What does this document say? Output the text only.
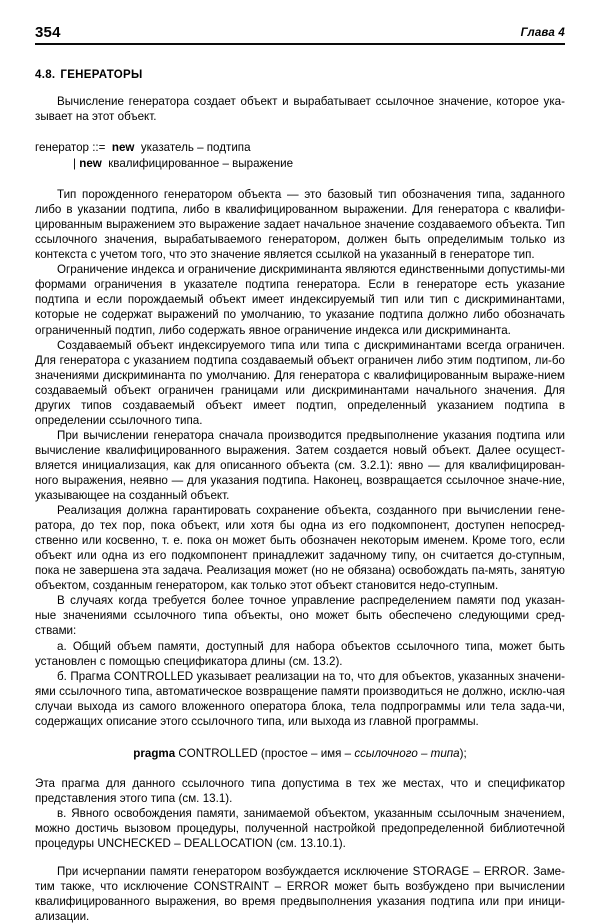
354	Глава 4
4.8. ГЕНЕРАТОРЫ

Вычисление генератора создает объект и вырабатывает ссылочное значение, которое ука-зывает на этот объект.

генератор ::=  new  указатель – подтипа
| new  квалифицированное – выражение

Тип порожденного генератором объекта — это базовый тип обозначения типа, заданного либо в указании подтипа, либо в квалифицированном выражении. Для генератора с квалифи-цированным выражением это выражение задает начальное значение создаваемого объекта. Тип ссылочного значения, вырабатываемого генератором, должен быть определимым только из контекста с учетом того, что это значение является ссылкой на указанный в генераторе тип.

Ограничение индекса и ограничение дискриминанта являются единственными допустимы-ми формами ограничения в указателе подтипа генератора. Если в генераторе есть указание подтипа и если порождаемый объект имеет индексируемый тип или тип с дискриминантами, которые не содержат выражений по умолчанию, то указание подтипа должно либо обозначать ограниченный подтип, либо содержать явное ограничение индекса или дискриминанта.

Создаваемый объект индексируемого типа или типа с дискриминантами всегда ограничен. Для генератора с указанием подтипа создаваемый объект ограничен либо этим подтипом, ли-бо значениями дискриминанта по умолчанию. Для генератора с квалифицированным выраже-нием создаваемый объект ограничен границами или дискриминантами начального значения. Для других типов создаваемый объект имеет подтип, определенный указанием подтипа в определении ссылочного типа.

При вычислении генератора сначала производится предвыполнение указания подтипа или вычисление квалифицированного выражения. Затем создается новый объект. Далее осущест-вляется инициализация, как для описанного объекта (см. 3.2.1): явно — для квалифицирован-ного выражения, неявно — для указания подтипа. Наконец, возвращается ссылочное значе-ние, указывающее на созданный объект.

Реализация должна гарантировать сохранение объекта, созданного при вычислении гене-ратора, до тех пор, пока объект, или хотя бы одна из его подкомпонент, доступен непосред-ственно или косвенно, т. е. пока он может быть обозначен некоторым именем. Кроме того, если объект или одна из его подкомпонент принадлежит задачному типу, он считается до-ступным, пока не завершена эта задача. Реализация может (но не обязана) освобождать па-мять, занятую объектом, созданным генератором, как только этот объект становится недо-ступным.

В случаях когда требуется более точное управление распределением памяти под указан-ные значениями ссылочного типа объекты, оно может быть обеспечено следующими сред-ствами:

а. Общий объем памяти, доступный для набора объектов ссылочного типа, может быть установлен с помощью спецификатора длины (см. 13.2).

б. Прагма CONTROLLED указывает реализации на то, что для объектов, указанных значени-ями ссылочного типа, автоматическое возвращение памяти производиться не должно, исклю-чая случаи выхода из самого вложенного оператора блока, тела подпрограммы или тела зада-чи, содержащих описание этого ссылочного типа, или выхода из главной программы.

pragma CONTROLLED (простое – имя – ссылочного – типа);

Эта прагма для данного ссылочного типа допустима в тех же местах, что и спецификатор представления этого типа (см. 13.1).

в. Явного освобождения памяти, занимаемой объектом, указанным ссылочным значением, можно достичь вызовом процедуры, полученной настройкой предопределенной библиотечной процедуры UNCHECKED – DEALLOCATION (см. 13.10.1).

При исчерпании памяти генератором возбуждается исключение STORAGE – ERROR. Заме-тим также, что исключение CONSTRAINT – ERROR может быть возбуждено при вычислении квалифицированного выражения, во время предвыполнения указания подтипа или при иници-ализации.
